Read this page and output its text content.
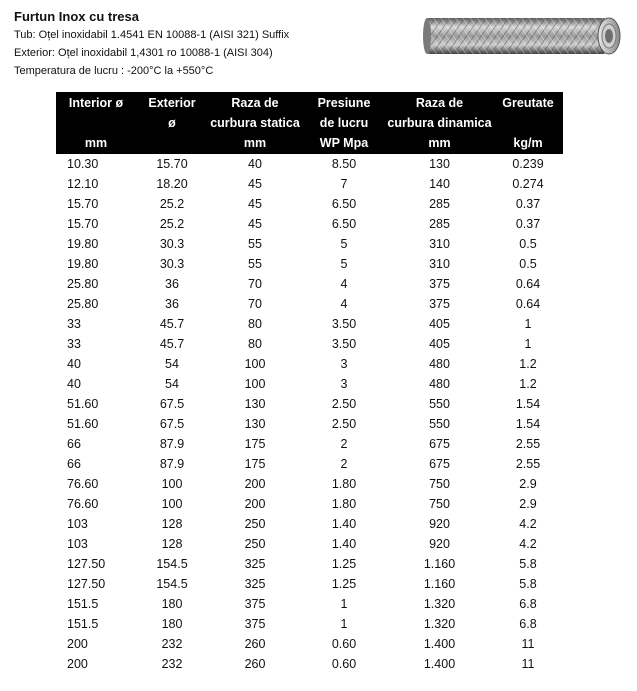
Furtun Inox cu tresa
Tub: Oțel inoxidabil 1.4541 EN 10088-1 (AISI 321) Suffix
Exterior: Oțel inoxidabil 1,4301 ro 10088-1 (AISI 304)
Temperatura de lucru : -200°C la +550°C
Interior ø	Exterior	Raza de	Presiune	Raza de	Greutate
	ø	curbura statica	de lucru	curbura dinamica	
mm		mm	WP Mpa	mm	kg/m
10.30	15.70	40	8.50	130	0.239
12.10	18.20	45	7	140	0.274
15.70	25.2	45	6.50	285	0.37
15.70	25.2	45	6.50	285	0.37
19.80	30.3	55	5	310	0.5
19.80	30.3	55	5	310	0.5
25.80	36	70	4	375	0.64
25.80	36	70	4	375	0.64
33	45.7	80	3.50	405	1
33	45.7	80	3.50	405	1
40	54	100	3	480	1.2
40	54	100	3	480	1.2
51.60	67.5	130	2.50	550	1.54
51.60	67.5	130	2.50	550	1.54
66	87.9	175	2	675	2.55
66	87.9	175	2	675	2.55
76.60	100	200	1.80	750	2.9
76.60	100	200	1.80	750	2.9
103	128	250	1.40	920	4.2
103	128	250	1.40	920	4.2
127.50	154.5	325	1.25	1.160	5.8
127.50	154.5	325	1.25	1.160	5.8
151.5	180	375	1	1.320	6.8
151.5	180	375	1	1.320	6.8
200	232	260	0.60	1.400	11
200	232	260	0.60	1.400	11
